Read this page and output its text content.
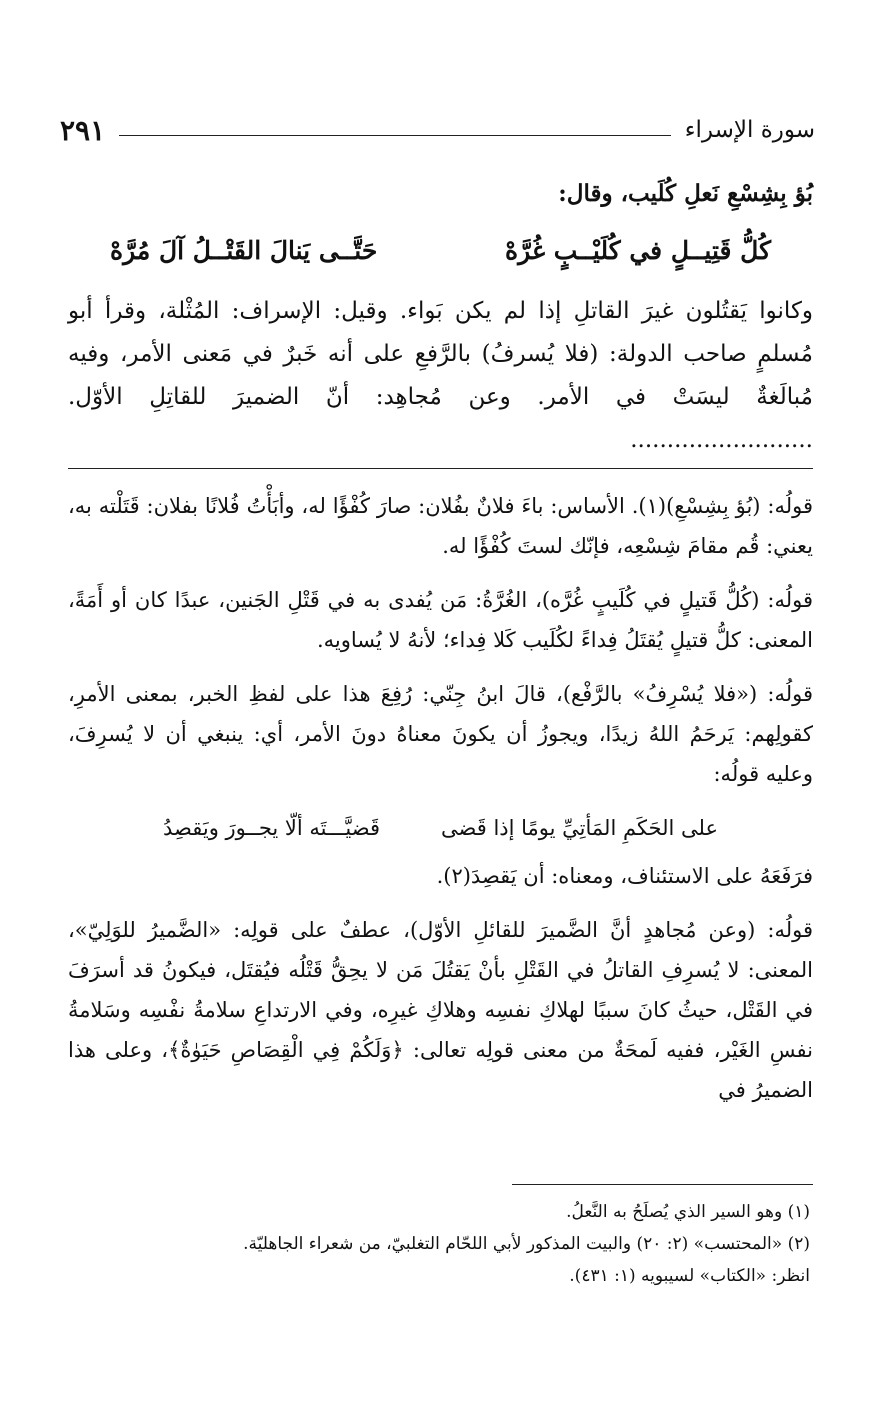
سورة الإسراء
٢٩١

بُؤ بِشِسْعِ نَعلِ كُلَيب، وقال:

كُلُّ قَتِيــلٍ في كُلَيْــبٍ غُرَّهْ
حَتَّــى يَنالَ القَتْــلُ آلَ مُرَّهْ

وكانوا يَقتُلون غيرَ القاتلِ إذا لم يكن بَواء. وقيل: الإسراف: المُثْلة، وقرأ أبو مُسلمٍ صاحب الدولة: (فلا يُسرفُ) بالرَّفعِ على أنه خَبرٌ في مَعنى الأمر، وفيه مُبالَغةٌ ليسَتْ في الأمر. وعن مُجاهِد: أنّ الضميرَ للقاتِلِ الأوّل. .........................

قولُه: (بُؤ بِشِسْعِ)(١). الأساس: باءَ فلانٌ بفُلان: صارَ كُفْؤًا له، وأبَأْتُ فُلانًا بفلان: قَتَلْته به، يعني: قُم مقامَ شِسْعِه، فإنّك لستَ كُفْؤًا له.

قولُه: (كُلُّ قَتيلٍ في كُلَيبٍ غُرَّه)، الغُرَّةُ: مَن يُفدى به في قَتْلِ الجَنين، عبدًا كان أو أَمَةً، المعنى: كلُّ قتيلٍ يُقتَلُ فِداءً لكُلَيب كَلا فِداء؛ لأنهُ لا يُساويه.

قولُه: («فلا يُسْرِفُ» بالرَّفْع)، قالَ ابنُ جِنّي: رُفِعَ هذا على لفظِ الخبر، بمعنى الأمرِ، كقولِهم: يَرحَمُ اللهُ زيدًا، ويجوزُ أن يكونَ معناهُ دونَ الأمر، أي: ينبغي أن لا يُسرِفَ، وعليه قولُه:

على الحَكَمِ المَأتِيِّ يومًا إذا قَضى
قَضيَّـــتَه ألّا يجــورَ ويَقصِدُ

فرَفَعَهُ على الاستئناف، ومعناه: أن يَقصِدَ(٢).

قولُه: (وعن مُجاهدٍ أنَّ الضَّميرَ للقائلِ الأوّل)، عطفٌ على قولِه: «الضَّميرُ للوَلِيّ»، المعنى: لا يُسرِفِ القاتلُ في القَتْلِ بأنْ يَقتُلَ مَن لا يحِقُّ قَتْلُه فيُقتَل، فيكونُ قد أسرَفَ في القَتْل، حيثُ كانَ سببًا لهلاكِ نفسِه وهلاكِ غيرِه، وفي الارتداعِ سلامةُ نفْسِه وسَلامةُ نفسِ الغَيْر، ففيه لَمحَةٌ من معنى قولِه تعالى: ﴿وَلَكُمْ فِي الْقِصَاصِ حَيَوٰةٌ﴾، وعلى هذا الضميرُ في

(١) وهو السير الذي يُصلَحُ به النَّعلُ.
(٢) «المحتسب» (٢: ٢٠) والبيت المذكور لأبي اللحّام التغلبيّ، من شعراء الجاهليّة.
انظر: «الكتاب» لسيبويه (١: ٤٣١).
